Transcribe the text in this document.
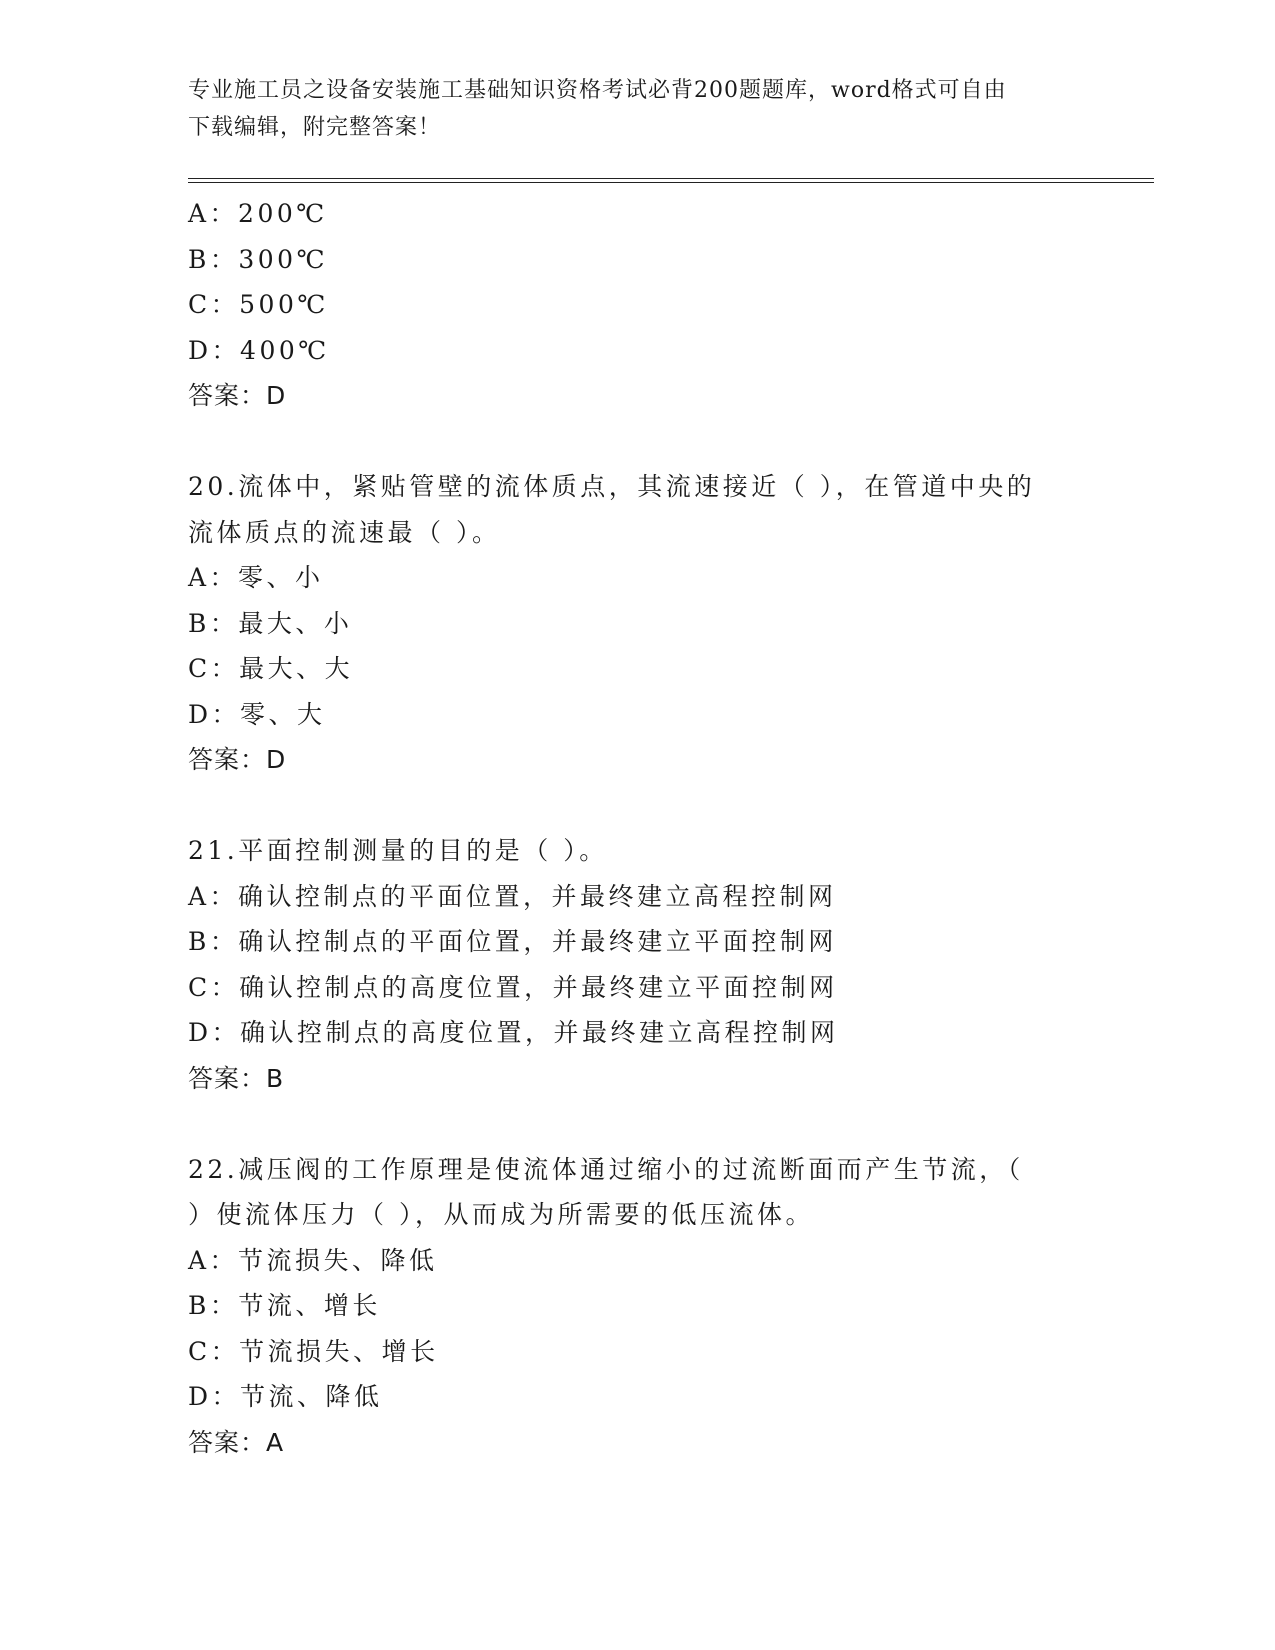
专业施工员之设备安装施工基础知识资格考试必背200题题库，word格式可自由
下载编辑，附完整答案！
A：200℃
B：300℃
C：500℃
D：400℃
答案：D
20.流体中，紧贴管壁的流体质点，其流速接近（ ），在管道中央的
流体质点的流速最（ ）。
A：零、小
B：最大、小
C：最大、大
D：零、大
答案：D
21.平面控制测量的目的是（ ）。
A：确认控制点的平面位置，并最终建立高程控制网
B：确认控制点的平面位置，并最终建立平面控制网
C：确认控制点的高度位置，并最终建立平面控制网
D：确认控制点的高度位置，并最终建立高程控制网
答案：B
22.减压阀的工作原理是使流体通过缩小的过流断面而产生节流，（
）使流体压力（ ），从而成为所需要的低压流体。
A：节流损失、降低
B：节流、增长
C：节流损失、增长
D：节流、降低
答案：A
